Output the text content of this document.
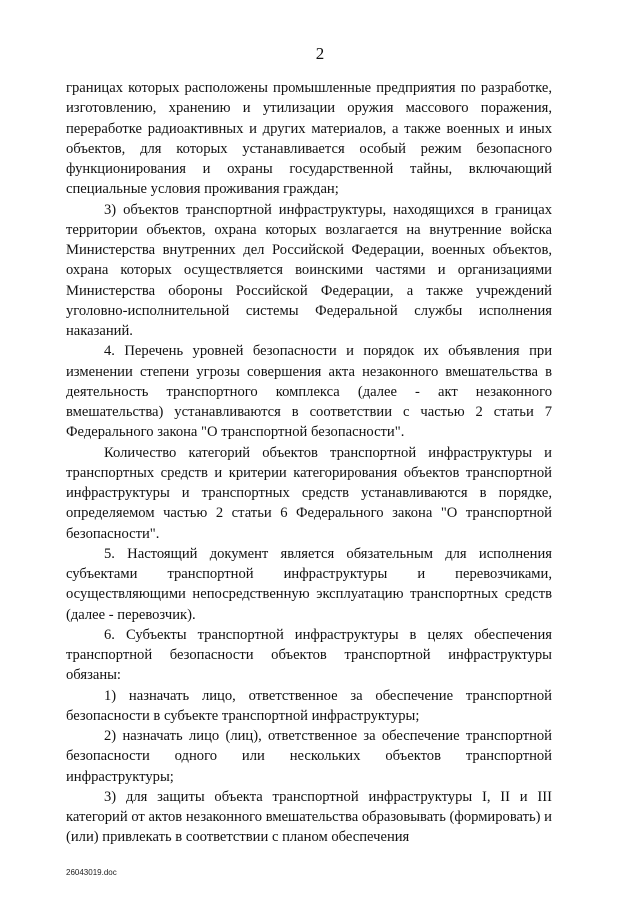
2

границах которых расположены промышленные предприятия по разработке, изготовлению, хранению и утилизации оружия массового поражения, переработке радиоактивных и других материалов, а также военных и иных объектов, для которых устанавливается особый режим безопасного функционирования и охраны государственной тайны, включающий специальные условия проживания граждан;

3) объектов транспортной инфраструктуры, находящихся в границах территории объектов, охрана которых возлагается на внутренние войска Министерства внутренних дел Российской Федерации, военных объектов, охрана которых осуществляется воинскими частями и организациями Министерства обороны Российской Федерации, а также учреждений уголовно-исполнительной системы Федеральной службы исполнения наказаний.

4. Перечень уровней безопасности и порядок их объявления при изменении степени угрозы совершения акта незаконного вмешательства в деятельность транспортного комплекса (далее - акт незаконного вмешательства) устанавливаются в соответствии с частью 2 статьи 7 Федерального закона "О транспортной безопасности".

Количество категорий объектов транспортной инфраструктуры и транспортных средств и критерии категорирования объектов транспортной инфраструктуры и транспортных средств устанавливаются в порядке, определяемом частью 2 статьи 6 Федерального закона "О транспортной безопасности".

5. Настоящий документ является обязательным для исполнения субъектами транспортной инфраструктуры и перевозчиками, осуществляющими непосредственную эксплуатацию транспортных средств (далее - перевозчик).

6. Субъекты транспортной инфраструктуры в целях обеспечения транспортной безопасности объектов транспортной инфраструктуры обязаны:

1) назначать лицо, ответственное за обеспечение транспортной безопасности в субъекте транспортной инфраструктуры;

2) назначать лицо (лиц), ответственное за обеспечение транспортной безопасности одного или нескольких объектов транспортной инфраструктуры;

3) для защиты объекта транспортной инфраструктуры I, II и III категорий от актов незаконного вмешательства образовывать (формировать) и (или) привлекать в соответствии с планом обеспечения

26043019.doc
